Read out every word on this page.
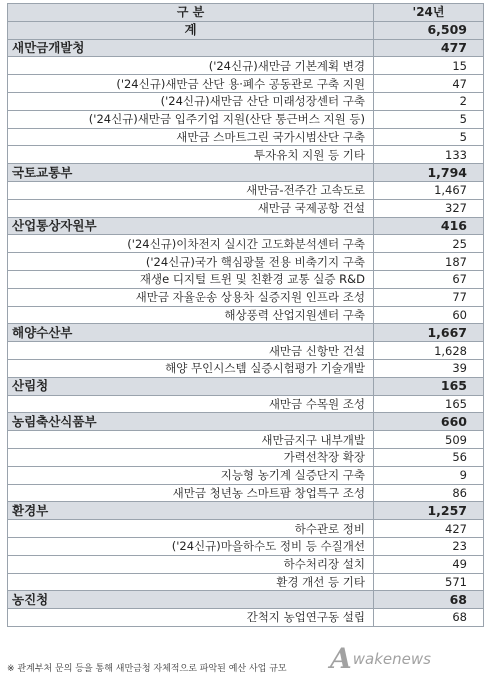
구 분	'24년
계	6,509
새만금개발청	477
('24신규)새만금 기본계획 변경	15
('24신규)새만금 산단 용·폐수 공동관로 구축 지원	47
('24신규)새만금 산단 미래성장센터 구축	2
('24신규)새만금 입주기업 지원(산단 통근버스 지원 등)	5
새만금 스마트그린 국가시범산단 구축	5
투자유치 지원 등 기타	133
국토교통부	1,794
새만금-전주간 고속도로	1,467
새만금 국제공항 건설	327
산업통상자원부	416
('24신규)이차전지 실시간 고도화분석센터 구축	25
('24신규)국가 핵심광물 전용 비축기지 구축	187
재생e 디지털 트윈 및 친환경 교통 실증 R&D	67
새만금 자율운송 상용차 실증지원 인프라 조성	77
해상풍력 산업지원센터 구축	60
해양수산부	1,667
새만금 신항만 건설	1,628
해양 무인시스템 실증시험평가 기술개발	39
산림청	165
새만금 수목원 조성	165
농림축산식품부	660
새만금지구 내부개발	509
가력선착장 확장	56
지능형 농기계 실증단지 구축	9
새만금 청년농 스마트팜 창업특구 조성	86
환경부	1,257
하수관로 정비	427
('24신규)마을하수도 정비 등 수질개선	23
하수처리장 설치	49
환경 개선 등 기타	571
농진청	68
간척지 농업연구동 설립	68
※ 관계부처 문의 등을 통해 새만금청 자체적으로 파악된 예산 사업 규모 A wakenews
